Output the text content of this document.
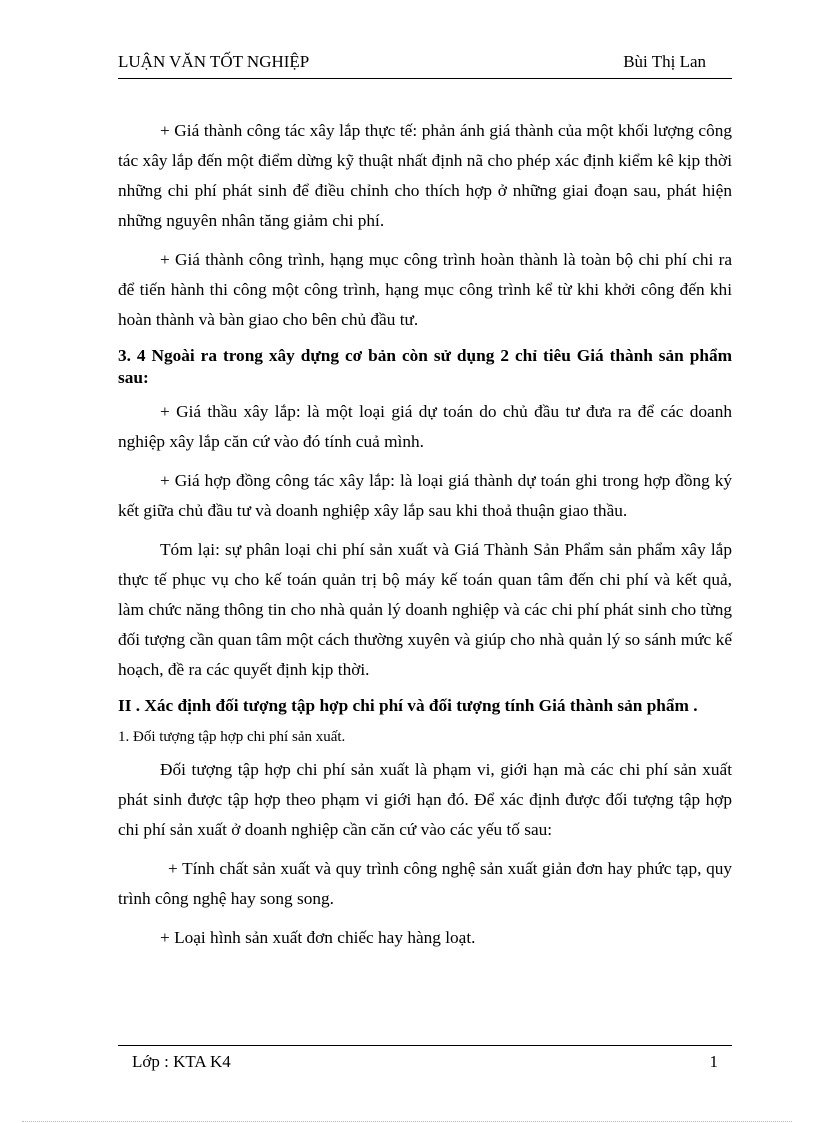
LUẬN VĂN TỐT NGHIỆP	Bùi Thị Lan

+ Giá thành công tác xây lắp thực tế: phản ánh giá thành của một khối lượng công tác xây lắp đến một điểm dừng kỹ thuật nhất định nã cho phép xác định kiểm kê kịp thời những chi phí phát sinh để điều chỉnh cho thích hợp ở những giai đoạn sau, phát hiện những nguyên nhân tăng giảm chi phí.

+ Giá thành công trình, hạng mục công trình hoàn thành là toàn bộ chi phí chi ra để tiến hành thi công một công trình, hạng mục công trình kể từ khi khởi công đến khi hoàn thành và bàn giao cho bên chủ đầu tư.

3. 4 Ngoài ra trong xây dựng cơ bản còn sử dụng 2 chỉ tiêu Giá thành sản phẩm sau:

+ Giá thầu xây lắp: là một loại giá dự toán do chủ đầu tư đưa ra để các doanh nghiệp xây lắp căn cứ vào đó tính cuả mình.

+ Giá hợp đồng công tác xây lắp: là loại giá thành dự toán ghi trong hợp đồng ký kết giữa chủ đầu tư và doanh nghiệp xây lắp sau khi thoả thuận giao thầu.

Tóm lại: sự phân loại chi phí sản xuất và Giá Thành Sản Phẩm sản phẩm xây lắp thực tế phục vụ cho kế toán quản trị bộ máy kế toán quan tâm đến chi phí và kết quả, làm chức năng thông tin cho nhà quản lý doanh nghiệp và các chi phí phát sinh cho từng đối tượng cần quan tâm một cách thường xuyên và giúp cho nhà quản lý so sánh mức kế hoạch, đề ra các quyết định kịp thời.

II . Xác định đối tượng tập hợp chi phí và đối tượng tính Giá thành sản phẩm .

1. Đối tượng tập hợp chi phí sản xuất.

Đối tượng tập hợp chi phí sản xuất là phạm vi, giới hạn mà các chi phí sản xuất phát sinh được tập hợp theo phạm vi giới hạn đó. Để xác định được đối tượng tập hợp chi phí sản xuất ở doanh nghiệp cần căn cứ vào các yếu tố sau:

+ Tính chất sản xuất và quy trình công nghệ sản xuất giản đơn hay phức tạp, quy trình công nghệ hay song song.

+ Loại hình sản xuất đơn chiếc hay hàng loạt.

Lớp : KTA K4	1
